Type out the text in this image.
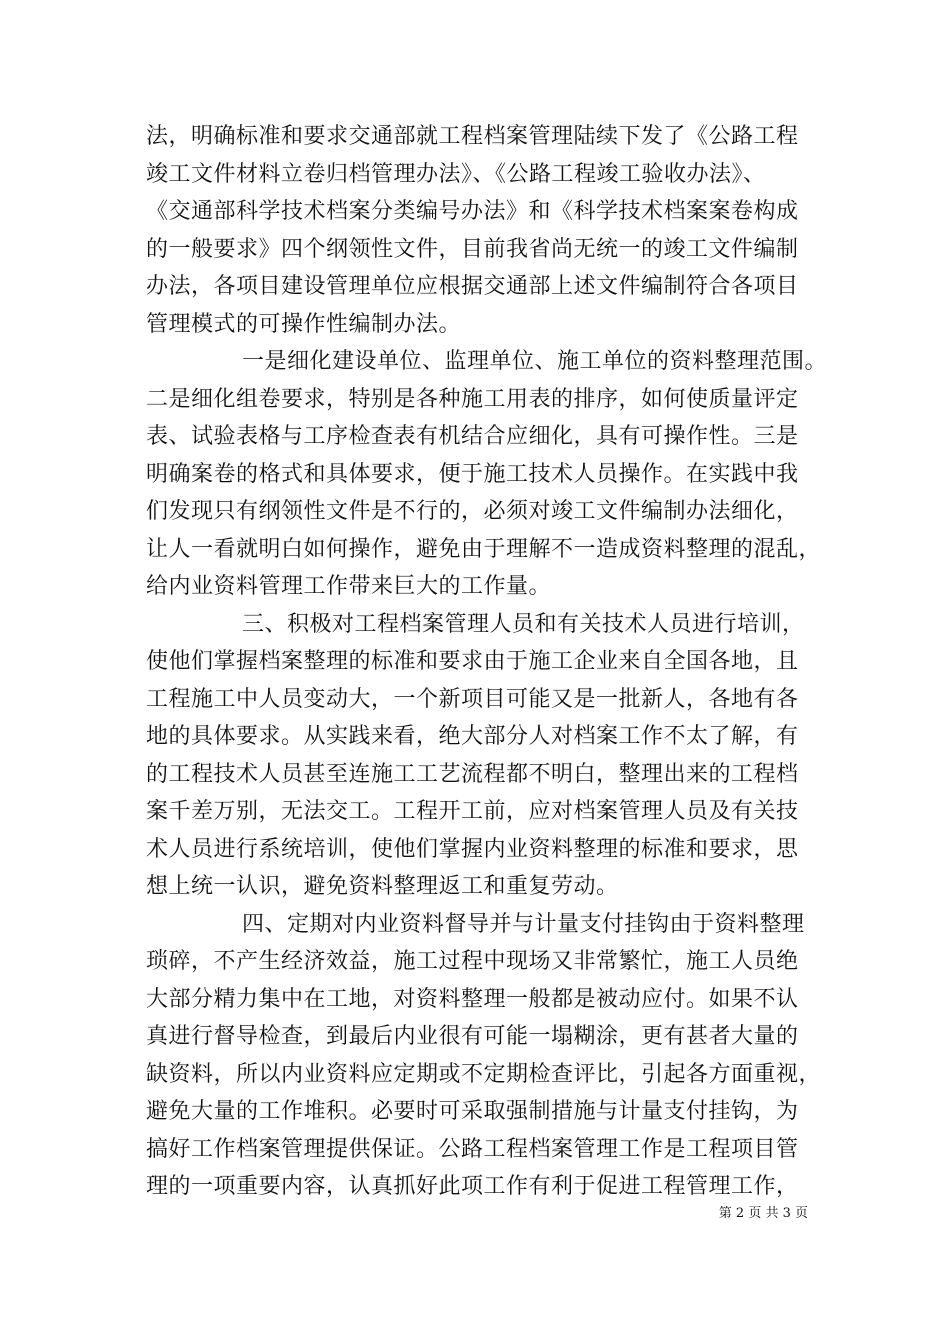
法，明确标准和要求交通部就工程档案管理陆续下发了《公路工程
竣工文件材料立卷归档管理办法》、《公路工程竣工验收办法》、
《交通部科学技术档案分类编号办法》和《科学技术档案案卷构成
的一般要求》四个纲领性文件，目前我省尚无统一的竣工文件编制
办法，各项目建设管理单位应根据交通部上述文件编制符合各项目
管理模式的可操作性编制办法。
一是细化建设单位、监理单位、施工单位的资料整理范围。
二是细化组卷要求，特别是各种施工用表的排序，如何使质量评定
表、试验表格与工序检查表有机结合应细化，具有可操作性。三是
明确案卷的格式和具体要求，便于施工技术人员操作。在实践中我
们发现只有纲领性文件是不行的，必须对竣工文件编制办法细化，
让人一看就明白如何操作，避免由于理解不一造成资料整理的混乱，
给内业资料管理工作带来巨大的工作量。
三、积极对工程档案管理人员和有关技术人员进行培训，
使他们掌握档案整理的标准和要求由于施工企业来自全国各地，且
工程施工中人员变动大，一个新项目可能又是一批新人，各地有各
地的具体要求。从实践来看，绝大部分人对档案工作不太了解，有
的工程技术人员甚至连施工工艺流程都不明白，整理出来的工程档
案千差万别，无法交工。工程开工前，应对档案管理人员及有关技
术人员进行系统培训，使他们掌握内业资料整理的标准和要求，思
想上统一认识，避免资料整理返工和重复劳动。
四、定期对内业资料督导并与计量支付挂钩由于资料整理
琐碎，不产生经济效益，施工过程中现场又非常繁忙，施工人员绝
大部分精力集中在工地，对资料整理一般都是被动应付。如果不认
真进行督导检查，到最后内业很有可能一塌糊涂，更有甚者大量的
缺资料，所以内业资料应定期或不定期检查评比，引起各方面重视，
避免大量的工作堆积。必要时可采取强制措施与计量支付挂钩，为
搞好工作档案管理提供保证。公路工程档案管理工作是工程项目管
理的一项重要内容，认真抓好此项工作有利于促进工程管理工作，
第 2 页 共 3 页
